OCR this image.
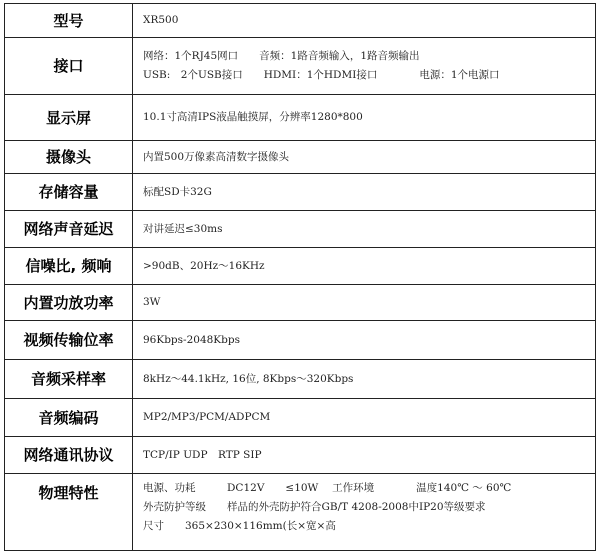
型号	XR500

接口	网络：1个RJ45网口　　音频：1路音频输入，1路音频输出
USB:　2个USB接口　　HDMI：1个HDMI接口　　　　电源：1个电源口

显示屏	10.1寸高清IPS液晶触摸屏，分辨率1280*800

摄像头	内置500万像素高清数字摄像头

存储容量	标配SD卡32G

网络声音延迟	对讲延迟≤30ms

信噪比, 频响	>90dB、20Hz～16KHz

内置功放功率	3W

视频传输位率	96Kbps-2048Kbps

音频采样率	8kHz～44.1kHz, 16位, 8Kbps～320Kbps

音频编码	MP2/MP3/PCM/ADPCM

网络通讯协议	TCP/IP UDP　RTP SIP

物理特性	电源、功耗　　　DC12V　　≤10W　 工作环境　　　　温度140℃ ～ 60℃
外壳防护等级　　样品的外壳防护符合GB/T 4208-2008中IP20等级要求
尺寸　　365×230×116mm(长×宽×高
